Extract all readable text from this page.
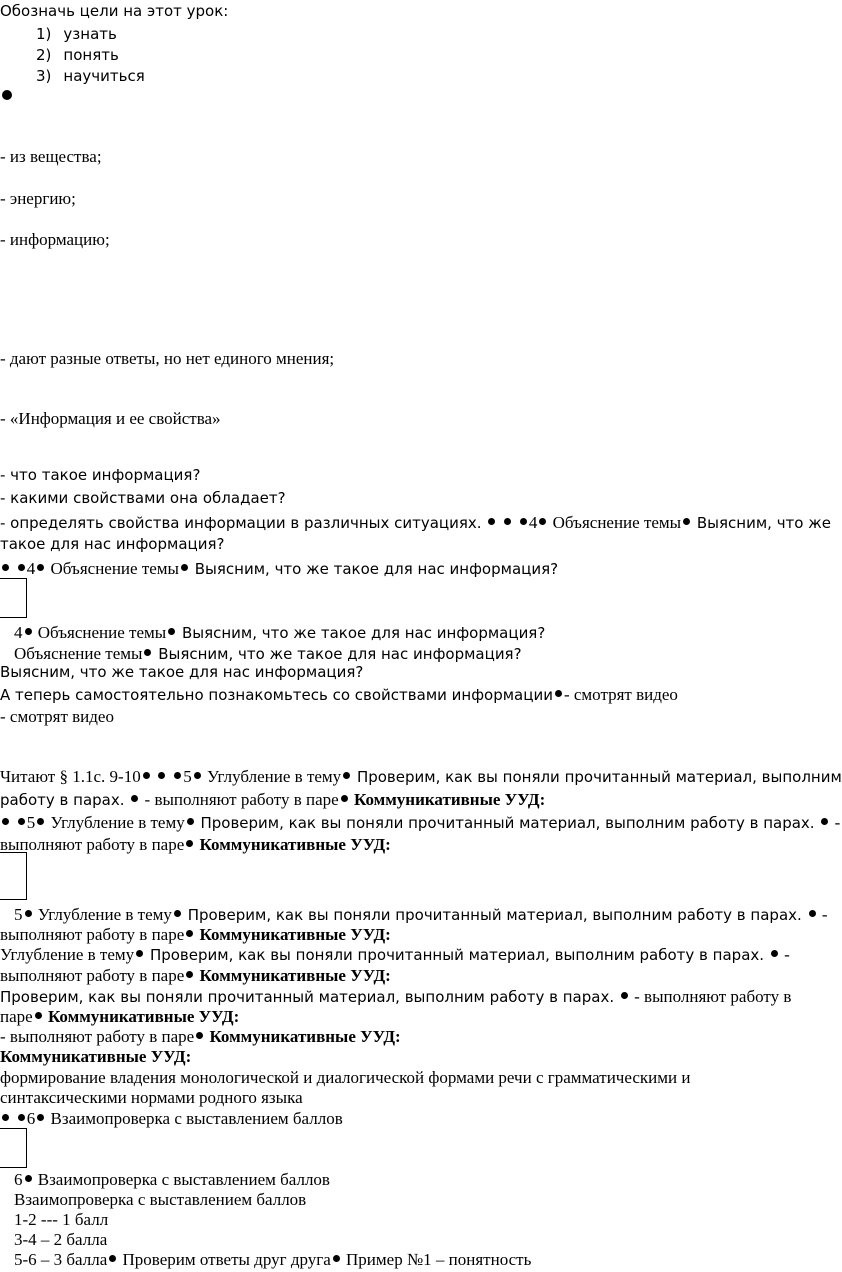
Обозначь цели на этот урок:
1) узнать
2) понять
3) научиться
- из вещества;
- энергию;
- информацию;
- дают разные ответы, но нет единого мнения;
- «Информация и ее свойства»
- что такое информация?
- какими свойствами она обладает?
- определять свойства информации в различных ситуациях.	4 Объяснение темы Выясним, что же
такое для нас информация?
4 Объяснение темы Выясним, что же такое для нас информация?
4 Объяснение темы Выясним, что же такое для нас информация?
Объяснение темы Выясним, что же такое для нас информация?
Выясним, что же такое для нас информация?
А теперь самостоятельно познакомьтесь со свойствами информации - смотрят видео
- смотрят видео
Читают § 1.1с. 9-10	5 Углубление в тему Проверим, как вы поняли прочитанный материал, выполним
работу в парах.  - выполняют работу в паре Коммуникативные УУД:
5 Углубление в тему Проверим, как вы поняли прочитанный материал, выполним работу в парах.  -
выполняют работу в паре Коммуникативные УУД:
5 Углубление в тему Проверим, как вы поняли прочитанный материал, выполним работу в парах.  -
выполняют работу в паре Коммуникативные УУД:
Углубление в тему Проверим, как вы поняли прочитанный материал, выполним работу в парах.  -
выполняют работу в паре Коммуникативные УУД:
Проверим, как вы поняли прочитанный материал, выполним работу в парах.  - выполняют работу в
паре Коммуникативные УУД:
- выполняют работу в паре Коммуникативные УУД:
Коммуникативные УУД:
формирование владения монологической и диалогической формами речи с грамматическими и
синтаксическими нормами родного языка
6 Взаимопроверка с выставлением баллов
6 Взаимопроверка с выставлением баллов
Взаимопроверка с выставлением баллов
1-2 --- 1 балл
3-4 – 2 балла
5-6 – 3 балла Проверим ответы друг друга Пример №1 – понятность
